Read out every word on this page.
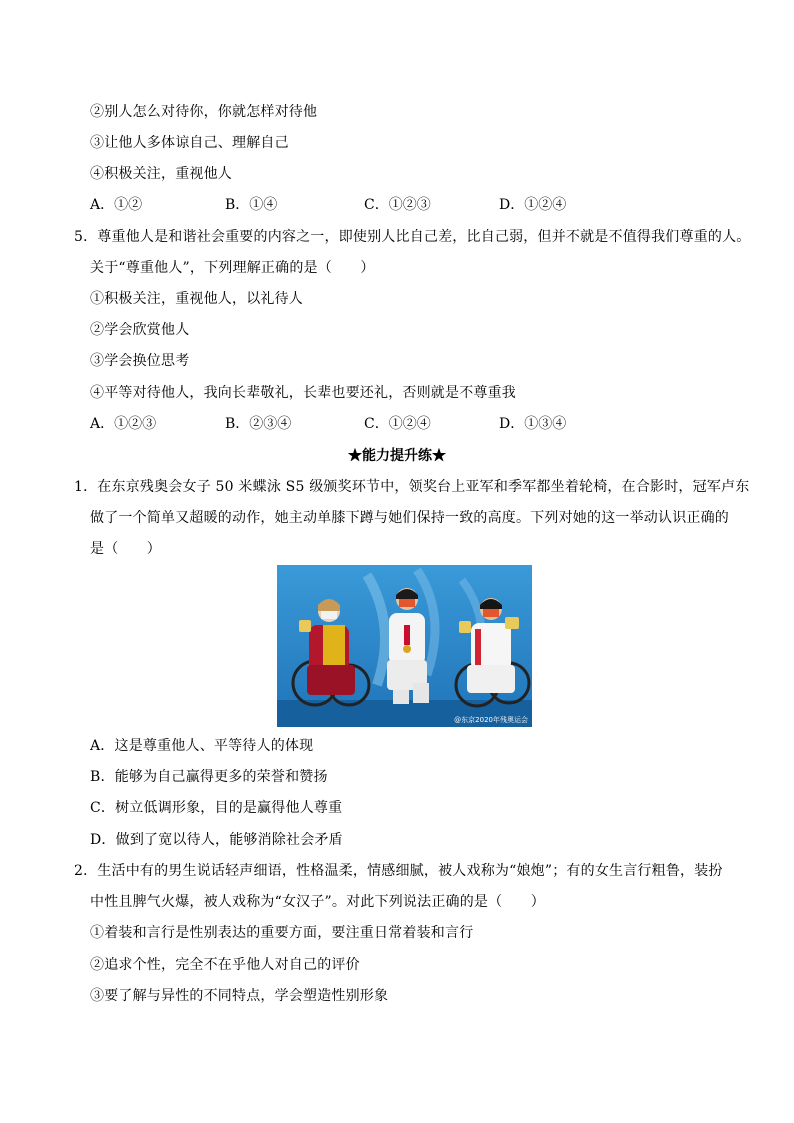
②别人怎么对待你，你就怎样对待他
③让他人多体谅自己、理解自己
④积极关注，重视他人
A．①②	B．①④	C．①②③	D．①②④
5．尊重他人是和谐社会重要的内容之一，即使别人比自己差，比自己弱，但并不就是不值得我们尊重的人。
关于“尊重他人”，下列理解正确的是（　　）
①积极关注，重视他人，以礼待人
②学会欣赏他人
③学会换位思考
④平等对待他人，我向长辈敬礼，长辈也要还礼，否则就是不尊重我
A．①②③	B．②③④	C．①②④	D．①③④
★能力提升练★
1．在东京残奥会女子 50 米蝶泳 S5 级颁奖环节中，领奖台上亚军和季军都坐着轮椅，在合影时，冠军卢东
做了一个简单又超暖的动作，她主动单膝下蹲与她们保持一致的高度。下列对她的这一举动认识正确的
是（　　）
@东京2020年残奥运会
A．这是尊重他人、平等待人的体现
B．能够为自己赢得更多的荣誉和赞扬
C．树立低调形象，目的是赢得他人尊重
D．做到了宽以待人，能够消除社会矛盾
2．生活中有的男生说话轻声细语，性格温柔，情感细腻，被人戏称为“娘炮”；有的女生言行粗鲁，装扮
中性且脾气火爆，被人戏称为“女汉子”。对此下列说法正确的是（　　）
①着装和言行是性别表达的重要方面，要注重日常着装和言行
②追求个性，完全不在乎他人对自己的评价
③要了解与异性的不同特点，学会塑造性别形象
